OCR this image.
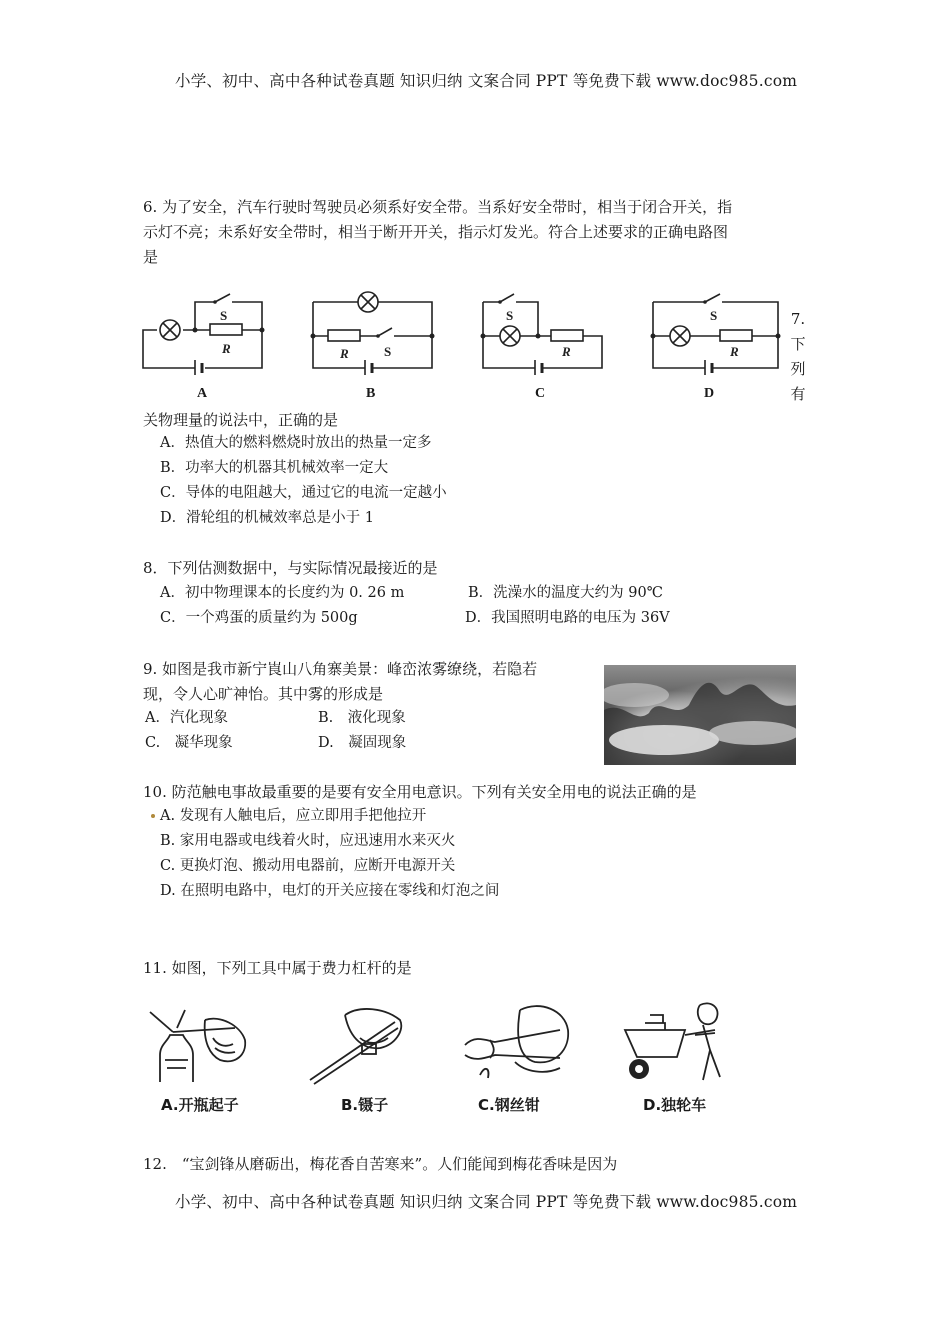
小学、初中、高中各种试卷真题 知识归纳 文案合同 PPT 等免费下载 www.doc985.com
6. 为了安全，汽车行驶时驾驶员必须系好安全带。当系好安全带时，相当于闭合开关，指
示灯不亮；未系好安全带时，相当于断开开关，指示灯发光。符合上述要求的正确电路图
是
S
R
A
R	S
B
S
R
C
S
R
D
7.
下
列
有
关物理量的说法中，正确的是
A．热值大的燃料燃烧时放出的热量一定多
B．功率大的机器其机械效率一定大
C．导体的电阻越大，通过它的电流一定越小
D．滑轮组的机械效率总是小于 1
8．下列估测数据中，与实际情况最接近的是
A．初中物理课本的长度约为 0. 26 m	B．洗澡水的温度大约为 90℃
C．一个鸡蛋的质量约为 500g	D．我国照明电路的电压为 36V
9. 如图是我市新宁崀山八角寨美景：峰峦浓雾缭绕，若隐若
现，令人心旷神怡。其中雾的形成是
A．汽化现象	B.　液化现象
C.　凝华现象	D.　凝固现象
10. 防范触电事故最重要的是要有安全用电意识。下列有关安全用电的说法正确的是
A. 发现有人触电后，应立即用手把他拉开
B. 家用电器或电线着火时，应迅速用水来灭火
C. 更换灯泡、搬动用电器前，应断开电源开关
D. 在照明电路中，电灯的开关应接在零线和灯泡之间
11. 如图，下列工具中属于费力杠杆的是
A.开瓶起子	B.镊子	C.钢丝钳	D.独轮车
12.　“宝剑锋从磨砺出，梅花香自苦寒来”。人们能闻到梅花香味是因为
小学、初中、高中各种试卷真题 知识归纳 文案合同 PPT 等免费下载 www.doc985.com
